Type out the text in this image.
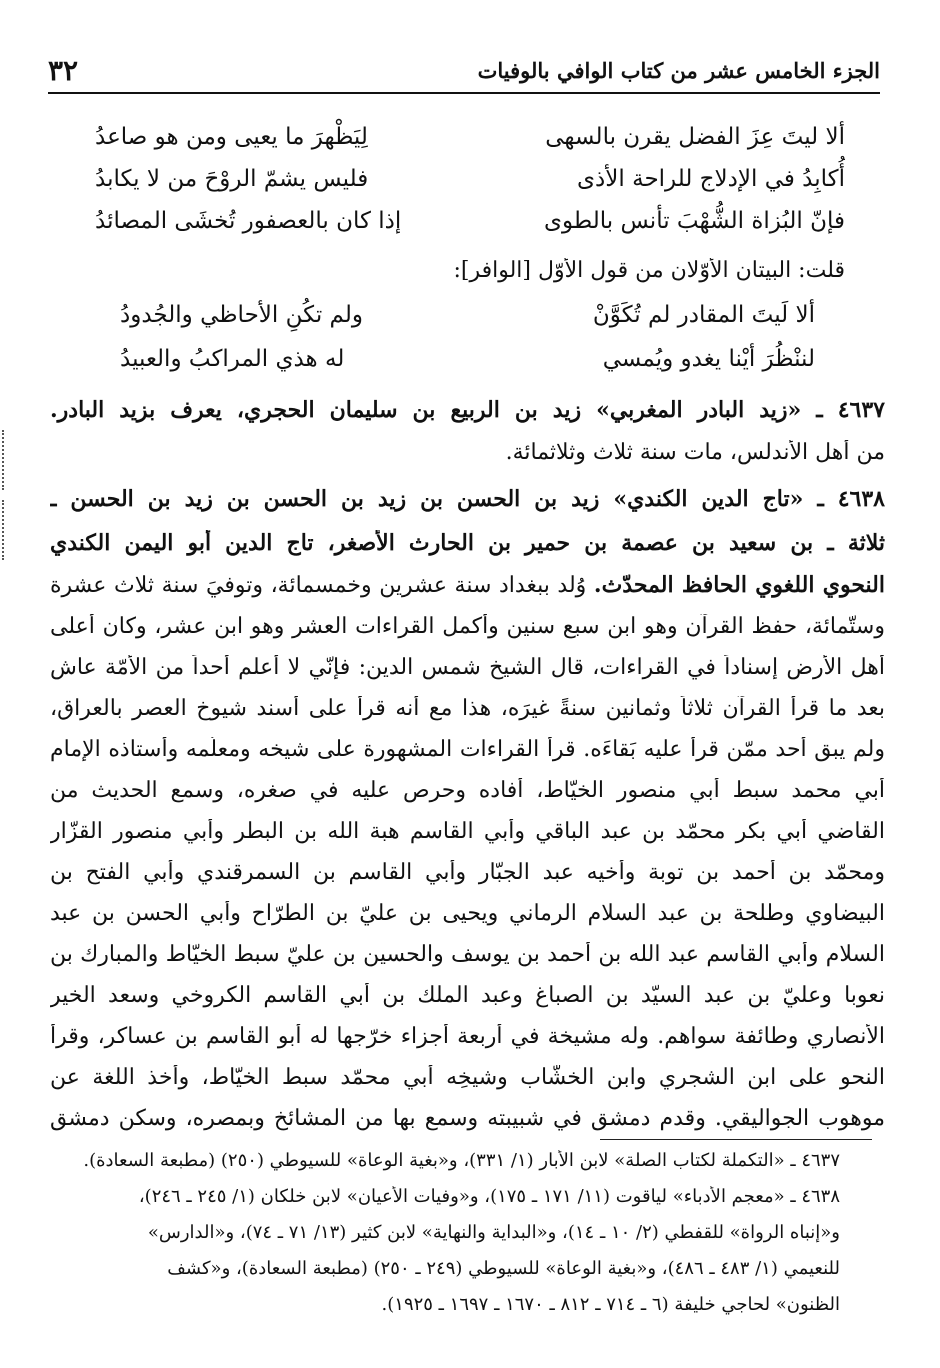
٣٢	الجزء الخامس عشر من كتاب الوافي بالوفيات
ألا ليتَ عِزَ الفضل يقرن بالسهى
لِيَظْهرَ ما يعيى ومن هو صاعدُ
أُكابِدُ في الإدلاج للراحة الأذى
فليس يشمّ الروْحَ من لا يكابدُ
فإنّ البُزاة الشُّهْبَ تأنس بالطوى
إذا كان بالعصفور تُخشَى المصائدُ
قلت: البيتان الأوّلان من قول الأوّل [الوافر]:
ألا لَيتَ المقادر لم تُكَوَّنْ
ولم تكُنِ الأحاظي والجُدودُ
لننْظُرَ أيْنا يغدو ويُمسي
له هذي المراكبُ والعبيدُ
٤٦٣٧ ـ «زيد البادر المغربي» زيد بن الربيع بن سليمان الحجري، يعرف بزيد البادر.
من أهل الأندلس، مات سنة ثلاث وثلاثمائة.
٤٦٣٨ ـ «تاج الدين الكندي» زيد بن الحسن بن زيد بن الحسن بن زيد بن الحسن ـ
ثلاثة ـ بن سعيد بن عصمة بن حمير بن الحارث الأصغر، تاج الدين أبو اليمن الكندي
النحوي اللغوي الحافظ المحدّث. وُلد ببغداد سنة عشرين وخمسمائة، وتوفيَ سنة ثلاث عشرة
وستّمائة، حفظ القرآن وهو ابن سبع سنين وأكمل القراءات العشر وهو ابن عشر، وكان أعلى
أهل الأرض إسناداً في القراءات، قال الشيخ شمس الدين: فإنّي لا أعلم أحداً من الأمّة عاش
بعد ما قرأ القرآن ثلاثاً وثمانين سنةً غيرَه، هذا مع أنه قرأ على أسند شيوخ العصر بالعراق،
ولم يبق أحد ممّن قرأ عليه بَقاءَه. قرأ القراءات المشهورة على شيخه ومعلّمه وأستاذه الإمام
أبي محمد سبط أبي منصور الخيّاط، أفاده وحرص عليه في صغره، وسمع الحديث من
القاضي أبي بكر محمّد بن عبد الباقي وأبي القاسم هبة الله بن البطر وأبي منصور القزّار
ومحمّد بن أحمد بن توبة وأخيه عبد الجبّار وأبي القاسم بن السمرقندي وأبي الفتح بن
البيضاوي وطلحة بن عبد السلام الرماني ويحيى بن عليّ بن الطرّاح وأبي الحسن بن عبد
السلام وأبي القاسم عبد الله بن أحمد بن يوسف والحسين بن عليّ سبط الخيّاط والمبارك بن
نعوبا وعليّ بن عبد السيّد بن الصباغ وعبد الملك بن أبي القاسم الكروخي وسعد الخير
الأنصاري وطائفة سواهم. وله مشيخة في أربعة أجزاء خرّجها له أبو القاسم بن عساكر، وقرأ
النحو على ابن الشجري وابن الخشّاب وشيخِه أبي محمّد سبط الخيّاط، وأخذ اللغة عن
موهوب الجواليقي. وقدم دمشق في شبيبته وسمع بها من المشائخ وبمصره، وسكن دمشق
٤٦٣٧ ـ «التكملة لكتاب الصلة» لابن الأبار (١/ ٣٣١)، و«بغية الوعاة» للسيوطي (٢٥٠) (مطبعة السعادة).
٤٦٣٨ ـ «معجم الأدباء» لياقوت (١١/ ١٧١ ـ ١٧٥)، و«وفيات الأعيان» لابن خلكان (١/ ٢٤٥ ـ ٢٤٦)،
و«إنباه الرواة» للقفطي (٢/ ١٠ ـ ١٤)، و«البداية والنهاية» لابن كثير (١٣/ ٧١ ـ ٧٤)، و«الدارس»
للنعيمي (١/ ٤٨٣ ـ ٤٨٦)، و«بغية الوعاة» للسيوطي (٢٤٩ ـ ٢٥٠) (مطبعة السعادة)، و«كشف
الظنون» لحاجي خليفة (٦ ـ ٧١٤ ـ ٨١٢ ـ ١٦٧٠ ـ ١٦٩٧ ـ ١٩٢٥).
